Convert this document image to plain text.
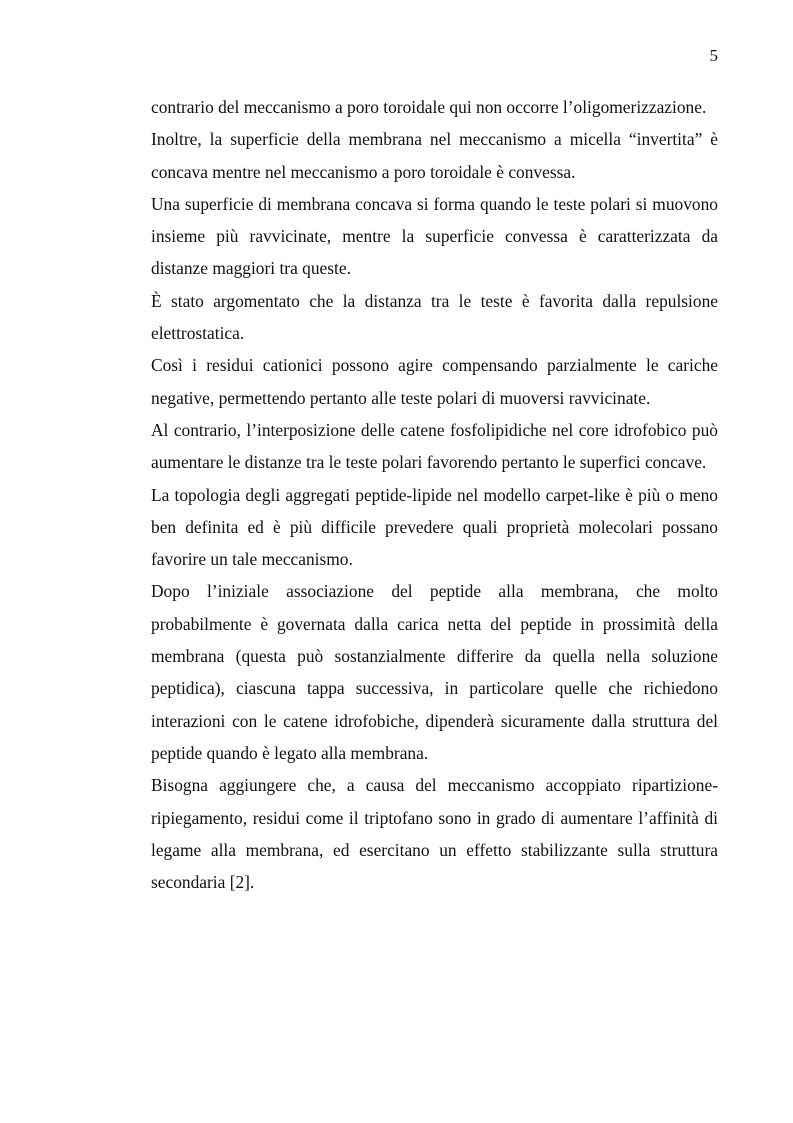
5

contrario del meccanismo a poro toroidale qui non occorre l’oligomerizzazione.

Inoltre, la superficie della membrana nel meccanismo a micella “invertita” è concava mentre nel meccanismo a poro toroidale è convessa.

Una superficie di membrana concava si forma quando le teste polari si muovono insieme più ravvicinate, mentre la superficie convessa è caratterizzata da distanze maggiori tra queste.

È stato argomentato che la distanza tra le teste è favorita dalla repulsione elettrostatica.

Così i residui cationici possono agire compensando parzialmente le cariche negative, permettendo pertanto alle teste polari di muoversi ravvicinate.

Al contrario, l’interposizione delle catene fosfolipidiche nel core idrofobico può aumentare le distanze tra le teste polari favorendo pertanto le superfici concave.

La topologia degli aggregati peptide-lipide nel modello carpet-like è più o meno ben definita ed è più difficile prevedere quali proprietà molecolari possano favorire un tale meccanismo.

Dopo l’iniziale associazione del peptide alla membrana, che molto probabilmente è governata dalla carica netta del peptide in prossimità della membrana (questa può sostanzialmente differire da quella nella soluzione peptidica), ciascuna tappa successiva, in particolare quelle che richiedono interazioni con le catene idrofobiche, dipenderà sicuramente dalla struttura del peptide quando è legato alla membrana.

Bisogna aggiungere che, a causa del meccanismo accoppiato ripartizione-ripiegamento, residui come il triptofano sono in grado di aumentare l’affinità di legame alla membrana, ed esercitano un effetto stabilizzante sulla struttura secondaria [2].
